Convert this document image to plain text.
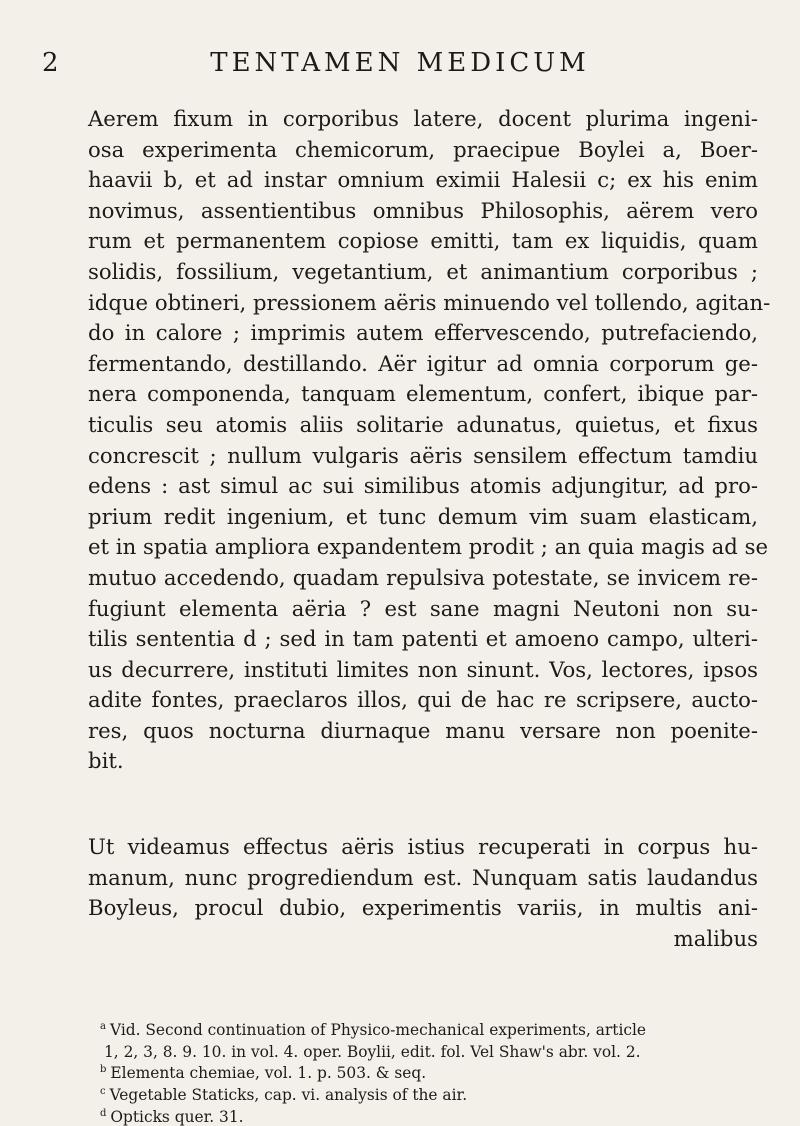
2	TENTAMEN MEDICUM
Aerem fixum in corporibus latere, docent plurima ingeni-
osa experimenta chemicorum, praecipue Boylei a, Boer-
haavii b, et ad instar omnium eximii Halesii c; ex his enim
novimus, assentientibus omnibus Philosophis, aërem vero
rum et permanentem copiose emitti, tam ex liquidis, quam
solidis, fossilium, vegetantium, et animantium corporibus ;
idque obtineri, pressionem aëris minuendo vel tollendo, agitan-
do in calore ; imprimis autem effervescendo, putrefaciendo,
fermentando, destillando. Aër igitur ad omnia corporum ge-
nera componenda, tanquam elementum, confert, ibique par-
ticulis seu atomis aliis solitarie adunatus, quietus, et fixus
concrescit ; nullum vulgaris aëris sensilem effectum tamdiu
edens : ast simul ac sui similibus atomis adjungitur, ad pro-
prium redit ingenium, et tunc demum vim suam elasticam,
et in spatia ampliora expandentem prodit ; an quia magis ad se
mutuo accedendo, quadam repulsiva potestate, se invicem re-
fugiunt elementa aëria ? est sane magni Neutoni non su-
tilis sententia d ; sed in tam patenti et amoeno campo, ulteri-
us decurrere, instituti limites non sinunt. Vos, lectores, ipsos
adite fontes, praeclaros illos, qui de hac re scripsere, aucto-
res, quos nocturna diurnaque manu versare non poenite-
bit.
Ut videamus effectus aëris istius recuperati in corpus hu-
manum, nunc progrediendum est. Nunquam satis laudandus
Boyleus, procul dubio, experimentis variis, in multis ani-
malibus
$^a$ Vid. Second continuation of Physico-mechanical experiments, article
1, 2, 3, 8. 9. 10. in vol. 4. oper. Boylii, edit. fol. Vel Shaw's abr. vol. 2.
$^b$ Elementa chemiae, vol. 1. p. 503. & seq.
$^c$ Vegetable Staticks, cap. vi. analysis of the air.
$^d$ Opticks quer. 31.
